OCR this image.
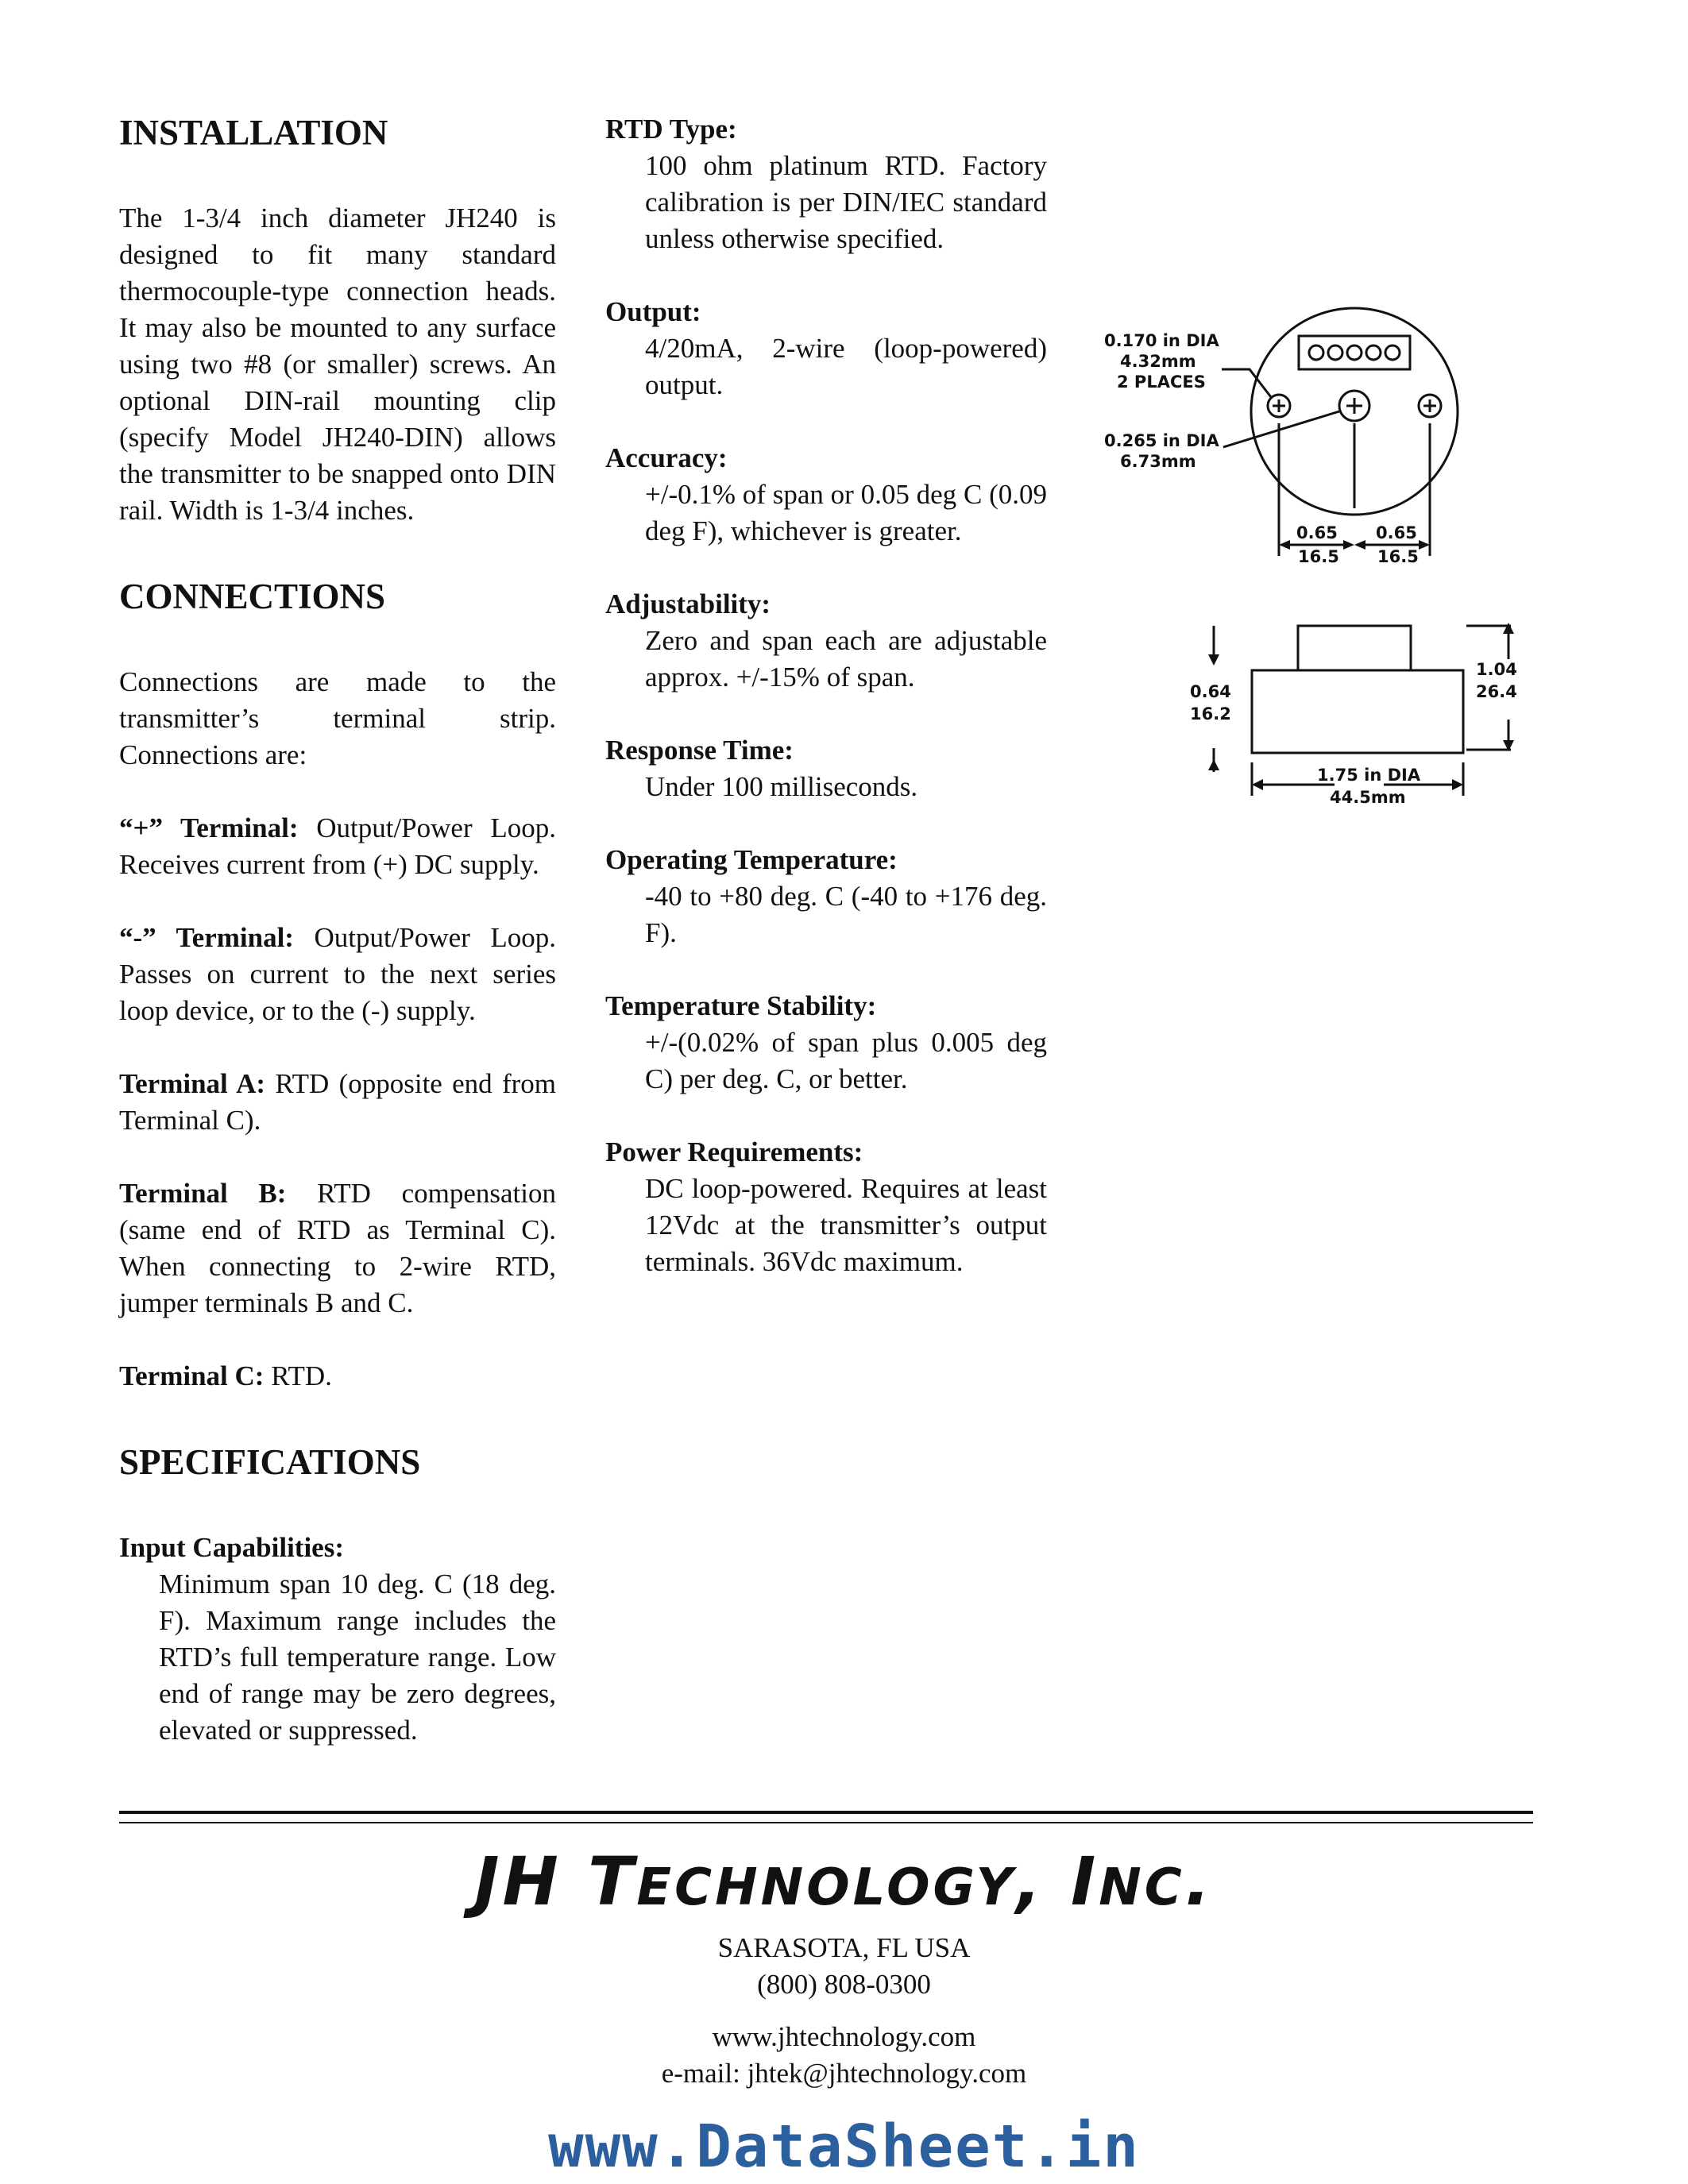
INSTALLATION

The 1-3/4 inch diameter JH240 is designed to fit many standard thermocouple-type connection heads. It may also be mounted to any surface using two #8 (or smaller) screws. An optional DIN-rail mounting clip (specify Model JH240-DIN) allows the transmitter to be snapped onto DIN rail. Width is 1-3/4 inches.

CONNECTIONS

Connections are made to the transmitter’s terminal strip. Connections are:

“+” Terminal: Output/Power Loop. Receives current from (+) DC supply.

“-” Terminal: Output/Power Loop. Passes on current to the next series loop device, or to the (-) supply.

Terminal A: RTD (opposite end from Terminal C).

Terminal B: RTD compensation (same end of RTD as Terminal C). When connecting to 2-wire RTD, jumper terminals B and C.

Terminal C: RTD.

SPECIFICATIONS
Input Capabilities:
Minimum span 10 deg. C (18 deg. F). Maximum range includes the RTD’s full temperature range. Low end of range may be zero degrees, elevated or suppressed.
RTD Type:
100 ohm platinum RTD. Factory calibration is per DIN/IEC standard unless otherwise specified.
Output:
4/20mA, 2-wire (loop-powered) output.
Accuracy:
+/-0.1% of span or 0.05 deg C (0.09 deg F), whichever is greater.
Adjustability:
Zero and span each are adjustable approx. +/-15% of span.
Response Time:
Under 100 milliseconds.
Operating Temperature:
-40 to +80 deg. C (-40 to +176 deg. F).
Temperature Stability:
+/-(0.02% of span plus 0.005 deg C) per deg. C, or better.
Power Requirements:
DC loop-powered. Requires at least 12Vdc at the transmitter’s output terminals. 36Vdc maximum.
0.170 in DIA
4.32mm
2 PLACES
0.265 in DIA
6.73mm
0.65
16.5
0.65
16.5
0.64
16.2
1.04
26.4
1.75 in DIA
44.5mm
JH TECHNOLOGY, INC.
SARASOTA, FL USA
(800) 808-0300
www.jhtechnology.com
e-mail: jhtek@jhtechnology.com
www.DataSheet.in
